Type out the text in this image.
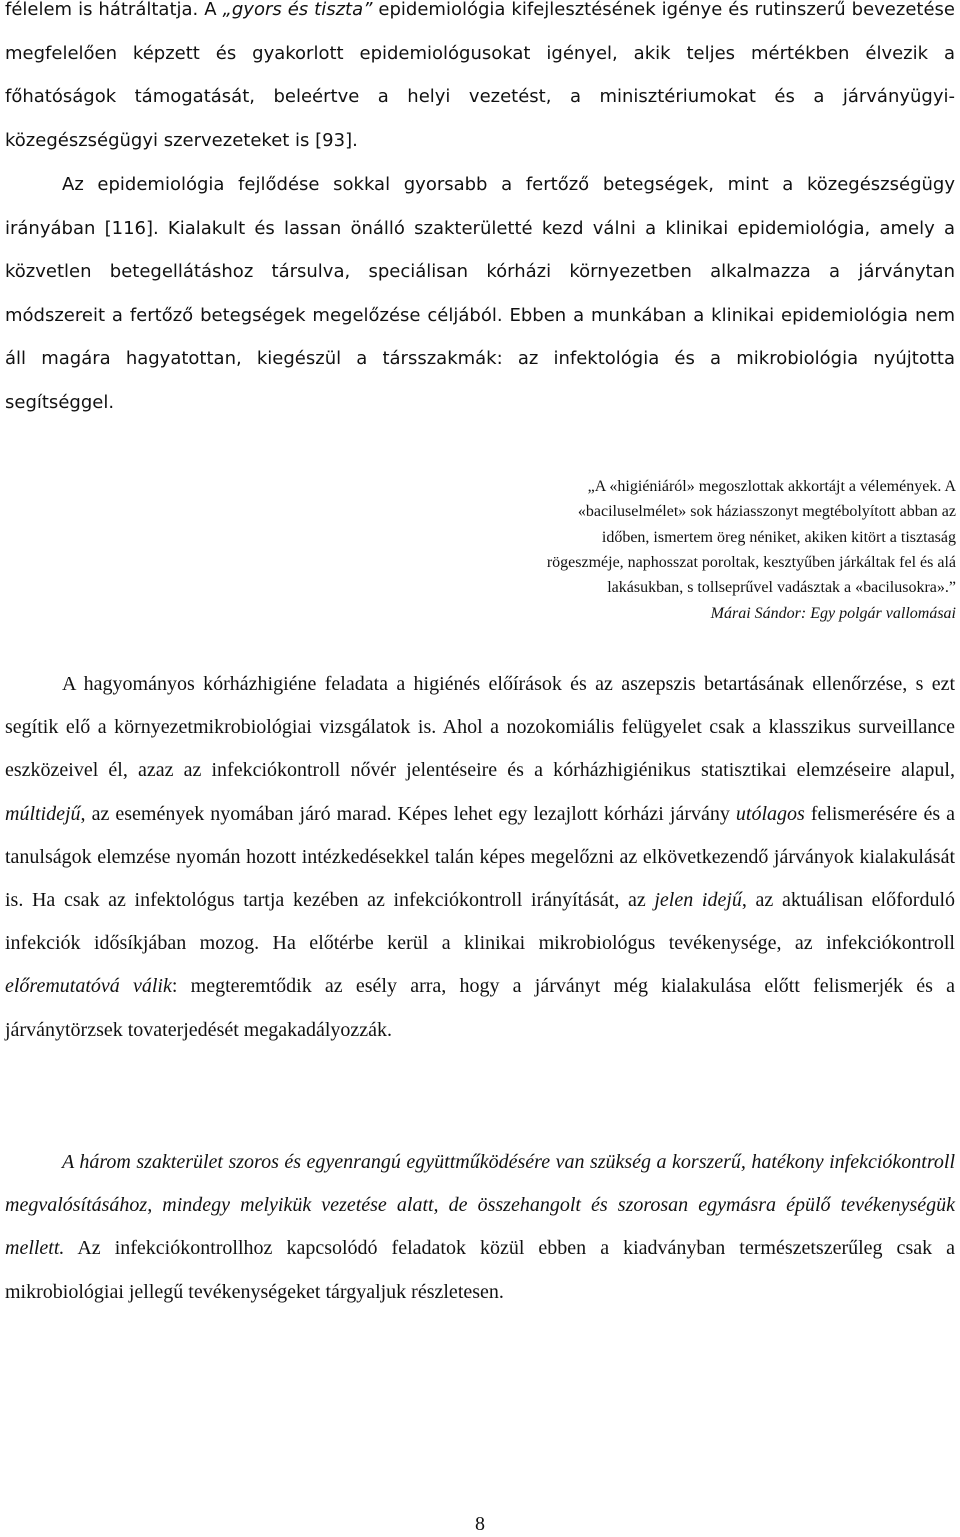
félelem is hátráltatja. A „gyors és tiszta” epidemiológia kifejlesztésének igénye és rutinszerű bevezetése megfelelően képzett és gyakorlott epidemiológusokat igényel, akik teljes mértékben élvezik a főhatóságok támogatását, beleértve a helyi vezetést, a minisztériumokat és a járványügyi-közegészségügyi szervezeteket is [93].

Az epidemiológia fejlődése sokkal gyorsabb a fertőző betegségek, mint a közegészségügy irányában [116]. Kialakult és lassan önálló szakterületté kezd válni a klinikai epidemiológia, amely a közvetlen betegellátáshoz társulva, speciálisan kórházi környezetben alkalmazza a járványtan módszereit a fertőző betegségek megelőzése céljából. Ebben a munkában a klinikai epidemiológia nem áll magára hagyatottan, kiegészül a társszakmák: az infektológia és a mikrobiológia nyújtotta segítséggel.

„A «higiéniáról» megoszlottak akkortájt a vélemények. A
«baciluselmélet» sok háziasszonyt megtébolyított abban az
időben, ismertem öreg néniket, akiken kitört a tisztaság
rögeszméje, naphosszat poroltak, kesztyűben járkáltak fel és alá
lakásukban, s tollseprűvel vadásztak a «bacilusokra».”
Márai Sándor: Egy polgár vallomásai

A hagyományos kórházhigiéne feladata a higiénés előírások és az aszepszis betartásának ellenőrzése, s ezt segítik elő a környezetmikrobiológiai vizsgálatok is. Ahol a nozokomiális felügyelet csak a klasszikus surveillance eszközeivel él, azaz az infekciókontroll nővér jelentéseire és a kórházhigiénikus statisztikai elemzéseire alapul, múltidejű, az események nyomában járó marad. Képes lehet egy lezajlott kórházi járvány utólagos felismerésére és a tanulságok elemzése nyomán hozott intézkedésekkel talán képes megelőzni az elkövetkezendő járványok kialakulását is. Ha csak az infektológus tartja kezében az infekciókontroll irányítását, az jelen idejű, az aktuálisan előforduló infekciók idősíkjában mozog. Ha előtérbe kerül a klinikai mikrobiológus tevékenysége, az infekciókontroll előremutatóvá válik: megteremtődik az esély arra, hogy a járványt még kialakulása előtt felismerjék és a járványtörzsek tovaterjedését megakadályozzák.

A három szakterület szoros és egyenrangú együttműködésére van szükség a korszerű, hatékony infekciókontroll megvalósításához, mindegy melyikük vezetése alatt, de összehangolt és szorosan egymásra épülő tevékenységük mellett. Az infekciókontrollhoz kapcsolódó feladatok közül ebben a kiadványban természetszerűleg csak a mikrobiológiai jellegű tevékenységeket tárgyaljuk részletesen.

8
